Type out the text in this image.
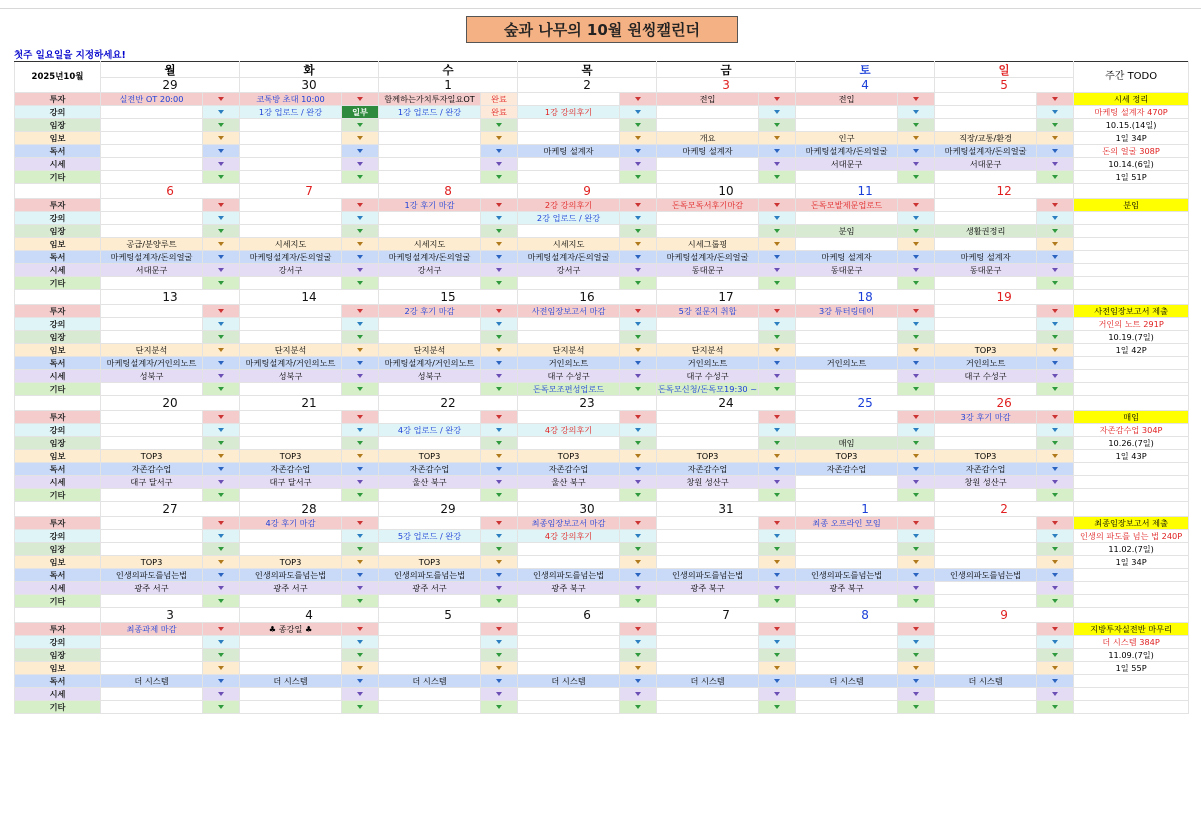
숲과 나무의 10월 원씽캘린더
첫주 일요일을 지정하세요!
2025년10월	월		화		수		목		금		토		일		주간 TODO
	29		30		1		2		3		4		5		
투자	실전반 OT 20:00		코톡방 초대 10:00		함께하는가치투자일요OT	완료			전입		전입				시세 정리
강의			1강 업로드 / 완강	일부	1강 업로드 / 완강	완료	1강 강의후기								마케팅 설계자 470P
임장															10.15.(14일)
임보									개요		인구		직장/교통/환경		1일 34P
독서							마케팅 설계자		마케팅 설계자		마케팅설계자/돈의얼굴		마케팅설계자/돈의얼굴		돈의 얼굴 308P
시세											서대문구		서대문구		10.14.(6일)
기타															1일 51P
	6		7		8		9		10		11		12		
투자					1강 후기 마감		2강 강의후기		돈독모독서후기마감		돈독모발제문업로드				분임
강의							2강 업로드 / 완강								
임장											분임		생활권정리		
임보	공급/분양루트		시세지도		시세지도		시세지도		시세그룹핑						
독서	마케팅설계자/돈의얼굴		마케팅설계자/돈의얼굴		마케팅설계자/돈의얼굴		마케팅설계자/돈의얼굴		마케팅설계자/돈의얼굴		마케팅 설계자		마케팅 설계자		
시세	서대문구		강서구		강서구		강서구		동대문구		동대문구		동대문구		
기타															
	13		14		15		16		17		18		19		
투자					2강 후기 마감		사전임장보고서 마감		5강 질문지 취합		3강 튜터링데이				사전임장보고서 제출
강의															거인의 노트 291P
임장															10.19.(7일)
임보	단지분석		단지분석		단지분석		단지분석		단지분석				TOP3		1일 42P
독서	마케팅설계자/거인의노트		마케팅설계자/거인의노트		마케팅설계자/거인의노트		거인의노트		거인의노트		거인의노트		거인의노트		
시세	성북구		성북구		성북구		대구 수성구		대구 수성구				대구 수성구		
기타							돈독모조편성업로드		돈독모신청/돈독모19:30 ~						
	20		21		22		23		24		25		26		
투자													3강 후기 마감		매임
강의					4강 업로드 / 완강		4강 강의후기								자존감수업 304P
임장											매임				10.26.(7일)
임보	TOP3		TOP3		TOP3		TOP3		TOP3		TOP3		TOP3		1일 43P
독서	자존감수업		자존감수업		자존감수업		자존감수업		자존감수업		자존감수업		자존감수업		
시세	대구 달서구		대구 달서구		울산 북구		울산 북구		창원 성산구				창원 성산구		
기타															
	27		28		29		30		31		1		2		
투자			4강 후기 마감				최종임장보고서 마감				최종 오프라인 모임				최종임장보고서 제출
강의					5강 업로드 / 완강		4강 강의후기								인생의 파도를 넘는 법 240P
임장															11.02.(7일)
임보	TOP3		TOP3		TOP3										1일 34P
독서	인생의파도를넘는법		인생의파도를넘는법		인생의파도를넘는법		인생의파도를넘는법		인생의파도를넘는법		인생의파도를넘는법		인생의파도를넘는법		
시세	광주 서구		광주 서구		광주 서구		광주 북구		광주 북구		광주 북구				
기타															
	3		4		5		6		7		8		9		
투자	최종과제 마감		♣ 종강일 ♣												지방투자실전반 마무리
강의															더 시스템 384P
임장															11.09.(7일)
임보															1일 55P
독서	더 시스템		더 시스템		더 시스템		더 시스템		더 시스템		더 시스템		더 시스템		
시세															
기타															
